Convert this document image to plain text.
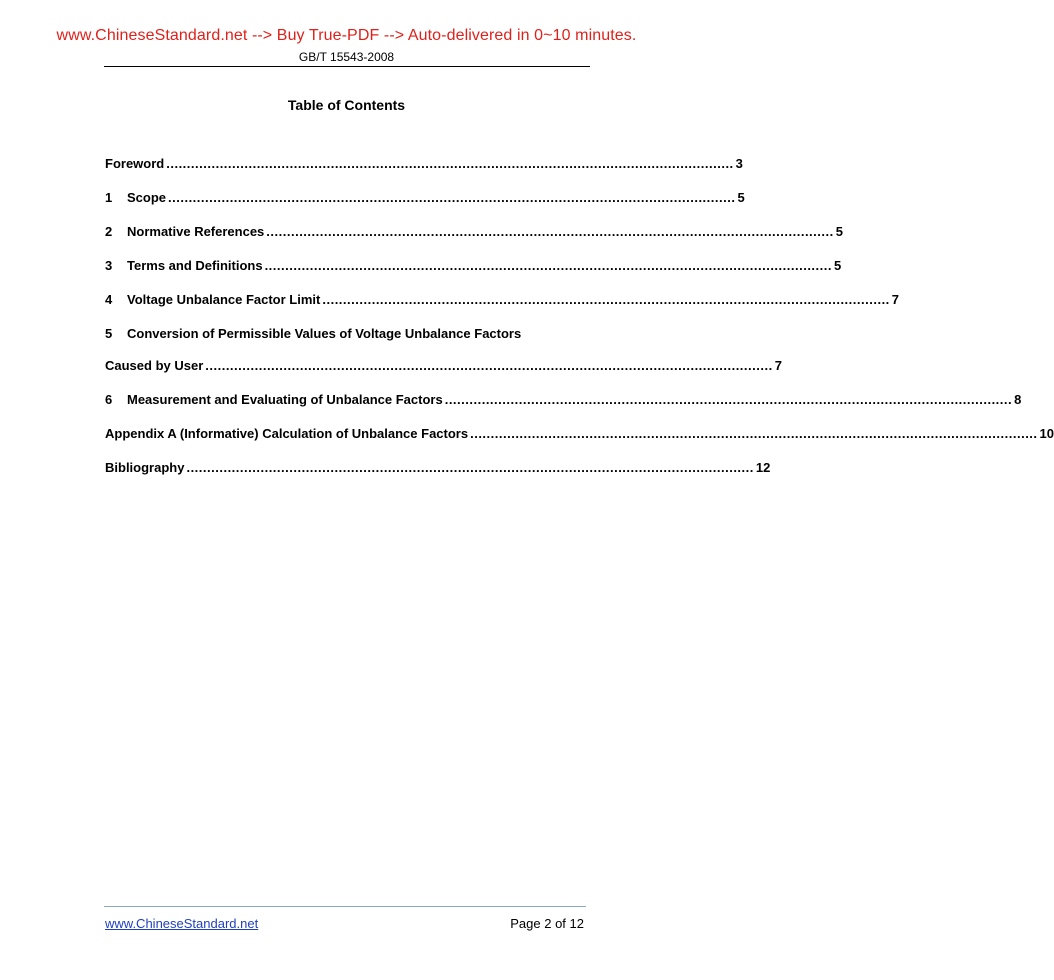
www.ChineseStandard.net --> Buy True-PDF --> Auto-delivered in 0~10 minutes.
GB/T 15543-2008
Table of Contents
Foreword .......................................................................................................................................... 3
1	Scope .......................................................................................................................................... 5
2	Normative References .......................................................................................................................................... 5
3	Terms and Definitions .......................................................................................................................................... 5
4	Voltage Unbalance Factor Limit .......................................................................................................................................... 7
5	Conversion of Permissible Values of Voltage Unbalance Factors
Caused by User .......................................................................................................................................... 7
6	Measurement and Evaluating of Unbalance Factors .......................................................................................................................................... 8
Appendix A (Informative) Calculation of Unbalance Factors .......................................................................................................................................... 10
Bibliography .......................................................................................................................................... 12
www.ChineseStandard.net	Page 2 of 12
